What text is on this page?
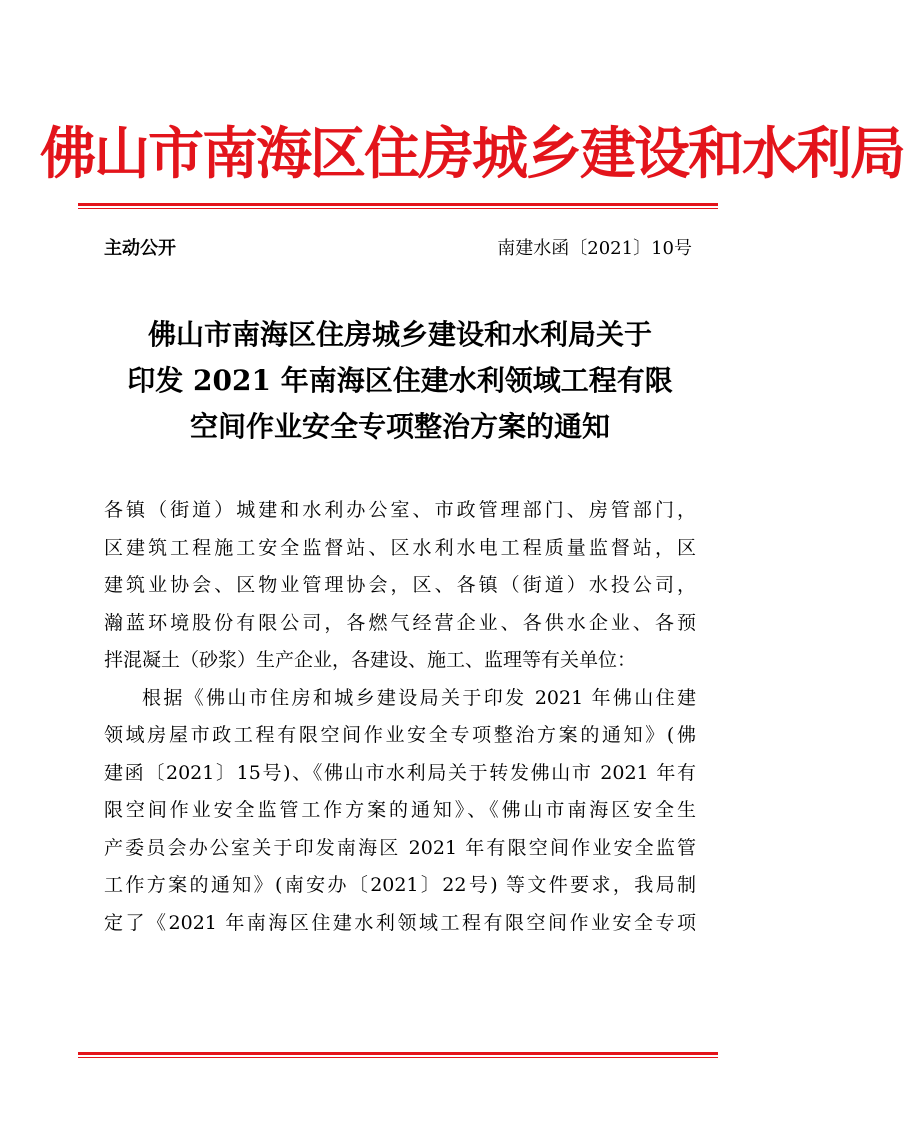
佛山市南海区住房城乡建设和水利局
主动公开	南建水函〔2021〕10号
佛山市南海区住房城乡建设和水利局关于
印发 2021 年南海区住建水利领域工程有限
空间作业安全专项整治方案的通知
各镇（街道）城建和水利办公室、市政管理部门、房管部门，
区建筑工程施工安全监督站、区水利水电工程质量监督站，区
建筑业协会、区物业管理协会，区、各镇（街道）水投公司，
瀚蓝环境股份有限公司，各燃气经营企业、各供水企业、各预
拌混凝土（砂浆）生产企业，各建设、施工、监理等有关单位：
根据《佛山市住房和城乡建设局关于印发 2021 年佛山住建
领域房屋市政工程有限空间作业安全专项整治方案的通知》(佛
建函〔2021〕15号)、《佛山市水利局关于转发佛山市 2021 年有
限空间作业安全监管工作方案的通知》、《佛山市南海区安全生
产委员会办公室关于印发南海区 2021 年有限空间作业安全监管
工作方案的通知》(南安办〔2021〕22号) 等文件要求，我局制
定了《2021 年南海区住建水利领域工程有限空间作业安全专项
